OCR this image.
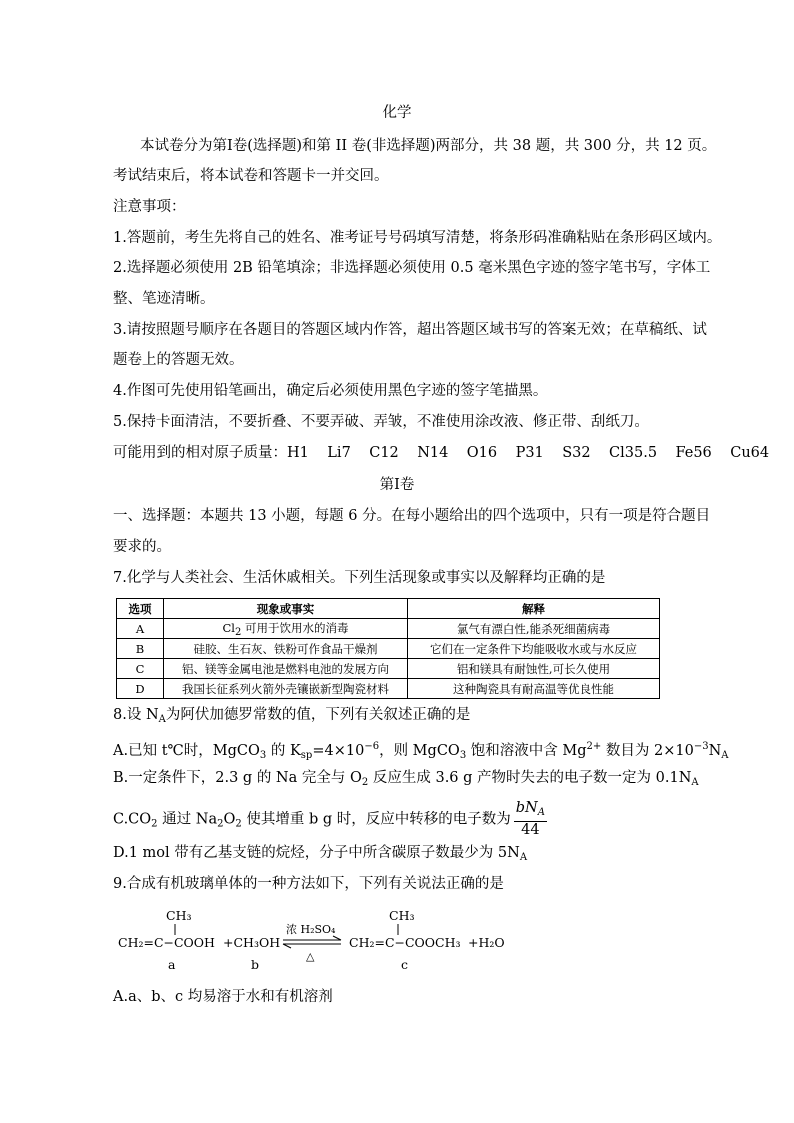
化学
本试卷分为第Ⅰ卷(选择题)和第 II 卷(非选择题)两部分，共 38 题，共 300 分，共 12 页。
考试结束后，将本试卷和答题卡一并交回。
注意事项：
1.答题前，考生先将自己的姓名、准考证号号码填写清楚，将条形码准确粘贴在条形码区域内。
2.选择题必须使用 2B 铅笔填涂；非选择题必须使用 0.5 毫米黑色字迹的签字笔书写，字体工
整、笔迹清晰。
3.请按照题号顺序在各题目的答题区域内作答，超出答题区域书写的答案无效；在草稿纸、试
题卷上的答题无效。
4.作图可先使用铅笔画出，确定后必须使用黑色字迹的签字笔描黑。
5.保持卡面清洁，不要折叠、不要弄破、弄皱，不准使用涂改液、修正带、刮纸刀。
可能用到的相对原子质量：H1    Li7    C12    N14    O16    P31    S32    Cl35.5    Fe56    Cu64
第Ⅰ卷
一、选择题：本题共 13 小题，每题 6 分。在每小题给出的四个选项中，只有一项是符合题目
要求的。
7.化学与人类社会、生活休戚相关。下列生活现象或事实以及解释均正确的是
选项	现象或事实	解释
A	Cl2 可用于饮用水的消毒	氯气有漂白性,能杀死细菌病毒
B	硅胶、生石灰、铁粉可作食品干燥剂	它们在一定条件下均能吸收水或与水反应
C	铝、镁等金属电池是燃料电池的发展方向	铝和镁具有耐蚀性,可长久使用
D	我国长征系列火箭外壳镶嵌新型陶瓷材料	这种陶瓷具有耐高温等优良性能
8.设 $N_A$为阿伏加德罗常数的值，下列有关叙述正确的是
A.已知 t℃时，MgCO$_3$ 的 $K_{sp}=4\times 10^{-6}$，则 MgCO$_3$ 饱和溶液中含 $Mg^{2+}$ 数目为 $2\times 10^{-3}N_A$
B.一定条件下，2.3 g 的 Na 完全与 $O_2$ 反应生成 3.6 g 产物时失去的电子数一定为 $0.1N_A$
$C.CO_2$ 通过 $Na_2O_2$ 使其增重 b g 时，反应中转移的电子数为 $\frac{bN_A}{44}$
D.1 mol 带有乙基支链的烷烃，分子中所含碳原子数最少为 $5N_A$
9.合成有机玻璃单体的一种方法如下，下列有关说法正确的是
CH₃
CH₂=C−COOH
a
+CH₃OH
b
浓 H₂SO₄
△
CH₃
CH₂=C−COOCH₃
c
+H₂O
A.a、b、c 均易溶于水和有机溶剂
